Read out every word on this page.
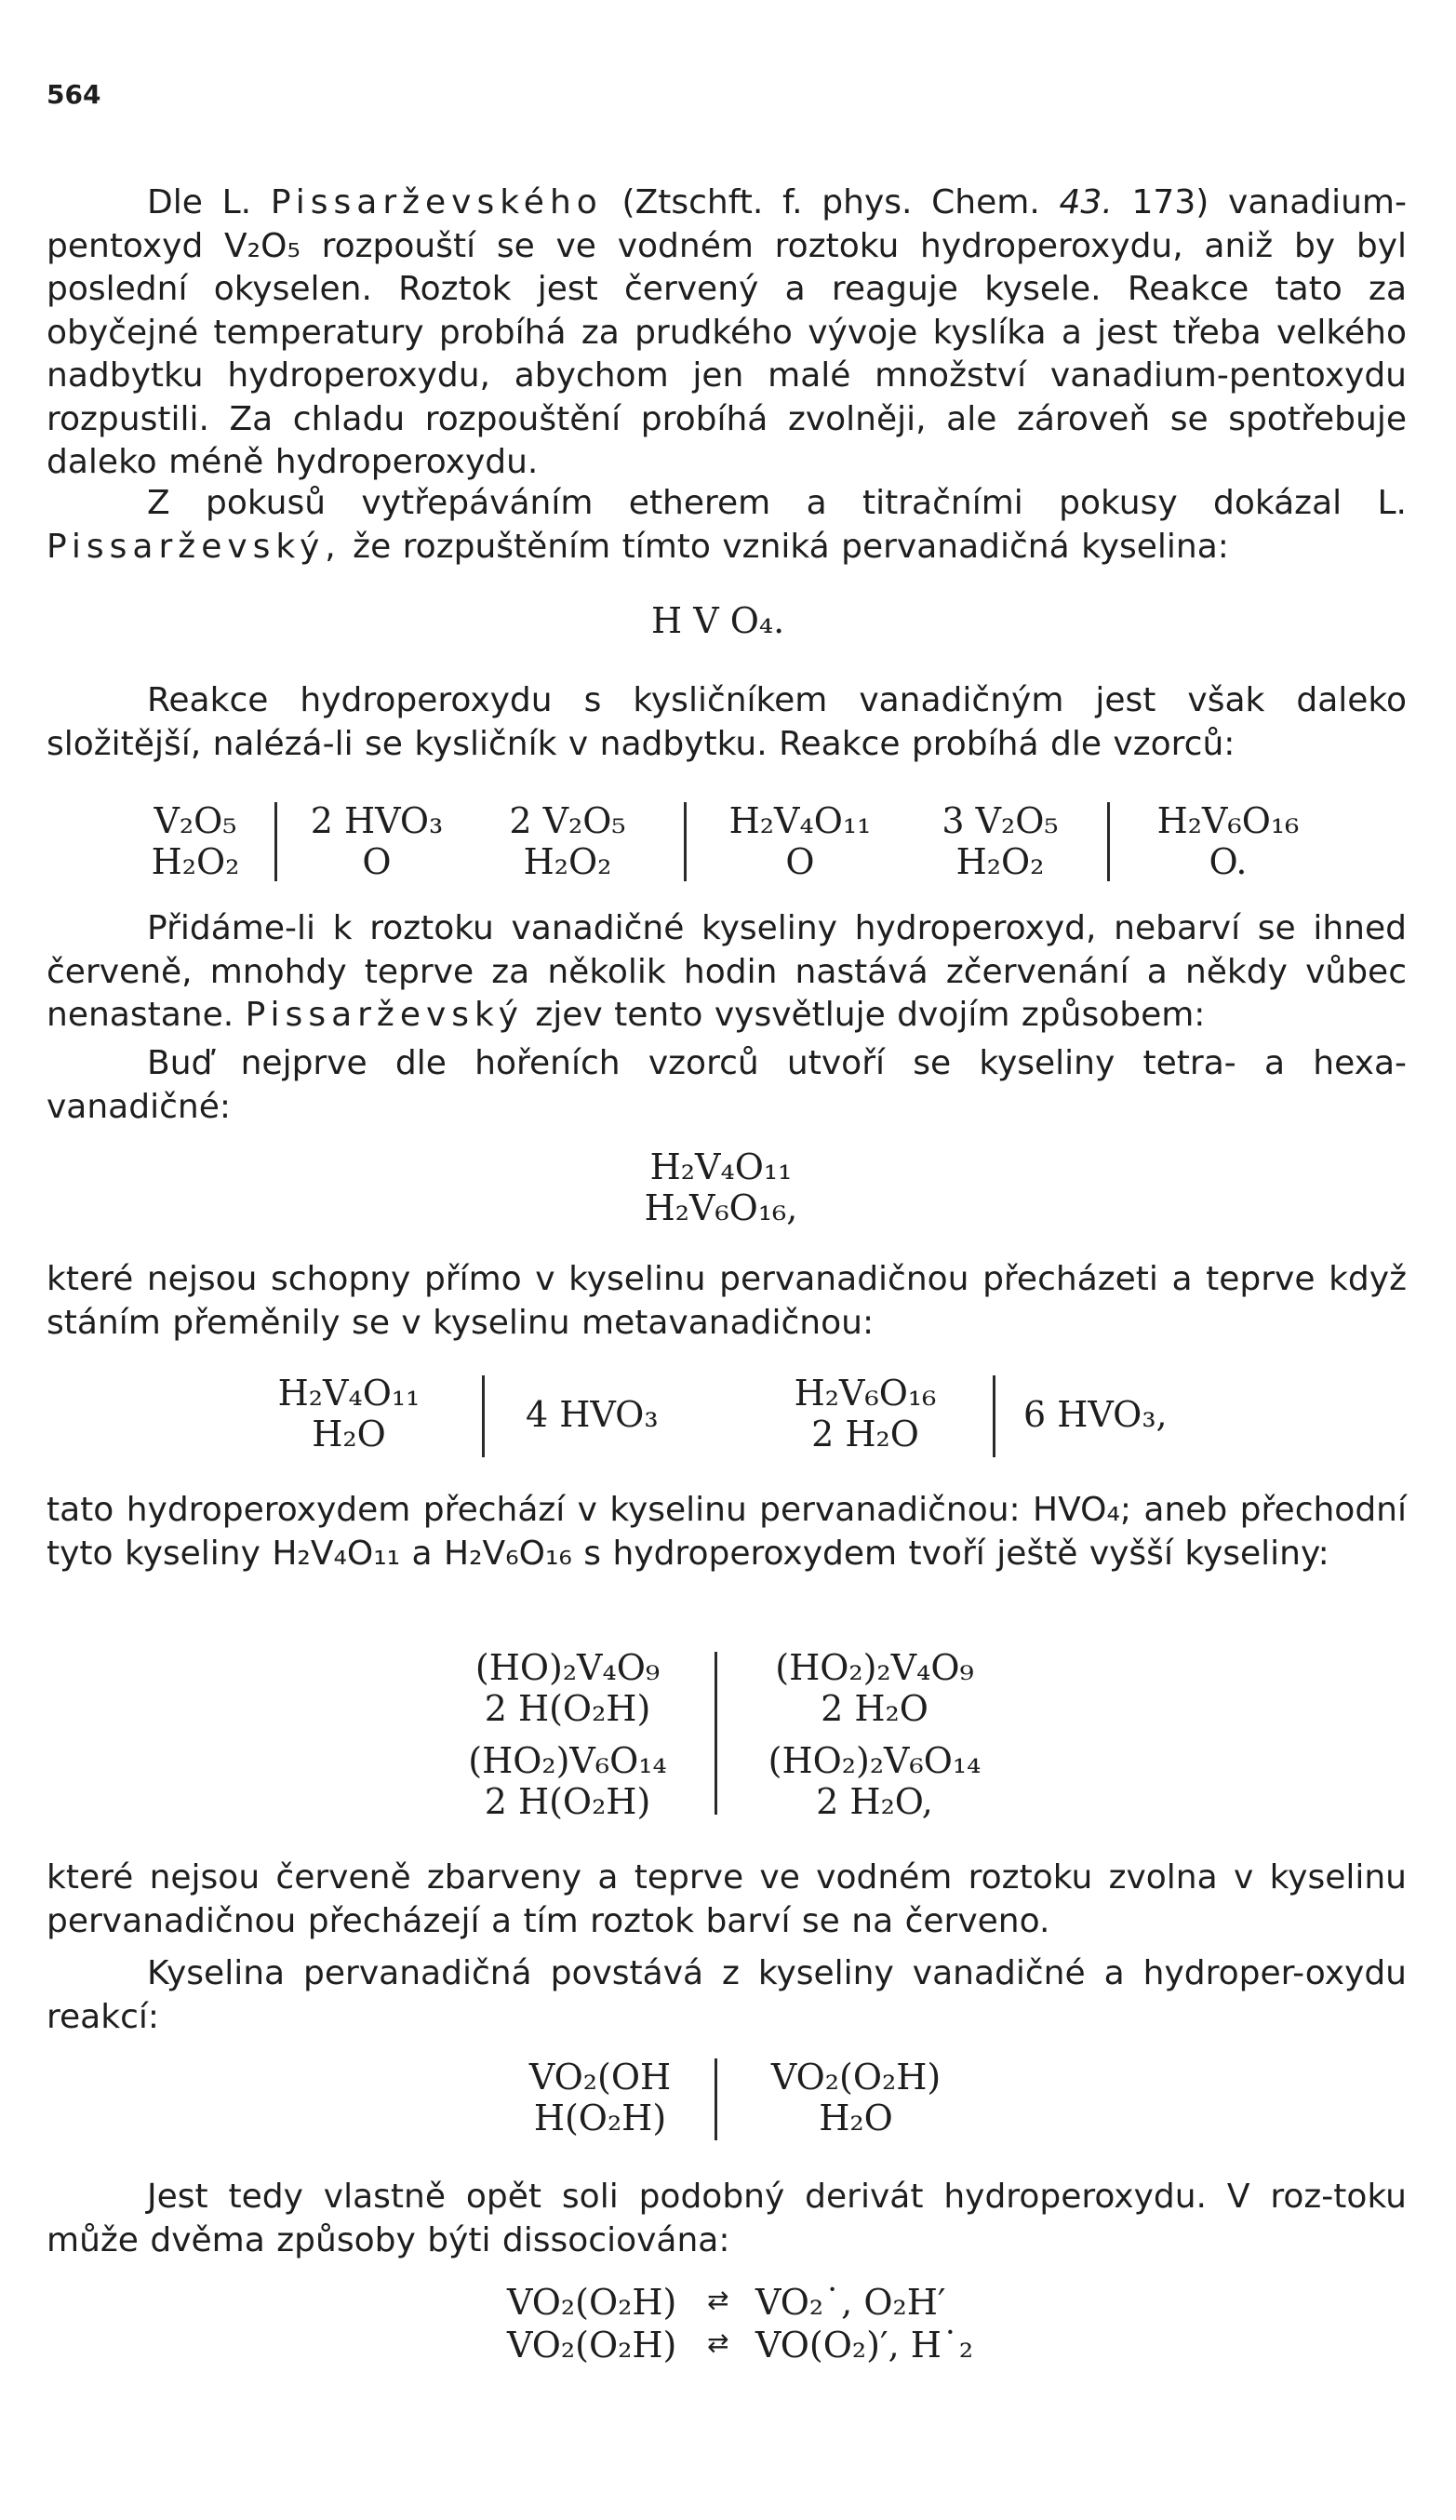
564
Dle L. Pissarževského (Ztschft. f. phys. Chem. 43. 173) vanadium- pentoxyd V₂O₅ rozpouští se ve vodném roztoku hydroperoxydu, aniž by byl poslední okyselen. Roztok jest červený a reaguje kysele. Reakce tato za obyčejné temperatury probíhá za prudkého vývoje kyslíka a jest třeba velkého nadbytku hydroperoxydu, abychom jen malé množství vanadium-pentoxydu rozpustili. Za chladu rozpouštění probíhá zvolněji, ale zároveň se spotřebuje daleko méně hydroperoxydu.
Z pokusů vytřepáváním etherem a titračními pokusy dokázal L. Pissarževský, že rozpuštěním tímto vzniká pervanadičná kyselina:
H V O₄.
Reakce hydroperoxydu s kysličníkem vanadičným jest však daleko složitější, nalézá-li se kysličník v nadbytku. Reakce probíhá dle vzorců:
V₂O₅
H₂O₂
2 HVO₃
O
2 V₂O₅
H₂O₂
H₂V₄O₁₁
O
3 V₂O₅
H₂O₂
H₂V₆O₁₆
O.
Přidáme-li k roztoku vanadičné kyseliny hydroperoxyd, nebarví se ihned červeně, mnohdy teprve za několik hodin nastává zčervenání a někdy vůbec nenastane. Pissarževský zjev tento vysvětluje dvojím způsobem:
Buď nejprve dle hořeních vzorců utvoří se kyseliny tetra- a hexa-vanadičné:
H₂V₄O₁₁
H₂V₆O₁₆,
které nejsou schopny přímo v kyselinu pervanadičnou přecházeti a teprve když stáním přeměnily se v kyselinu metavanadičnou:
H₂V₄O₁₁
H₂O	4 HVO₃
H₂V₆O₁₆
2 H₂O	6 HVO₃,
tato hydroperoxydem přechází v kyselinu pervanadičnou: HVO₄; aneb přechodní tyto kyseliny H₂V₄O₁₁ a H₂V₆O₁₆ s hydroperoxydem tvoří ještě vyšší kyseliny:
(HO)₂V₄O₉
2 H(O₂H)
(HO₂)V₆O₁₄
2 H(O₂H)
(HO₂)₂V₄O₉
2 H₂O
(HO₂)₂V₆O₁₄
2 H₂O,
které nejsou červeně zbarveny a teprve ve vodném roztoku zvolna v kyselinu pervanadičnou přecházejí a tím roztok barví se na červeno.
Kyselina pervanadičná povstává z kyseliny vanadičné a hydroper-oxydu reakcí:
VO₂(OH
H(O₂H)
VO₂(O₂H)
H₂O
Jest tedy vlastně opět soli podobný derivát hydroperoxydu. V roz-toku může dvěma způsoby býti dissociována:
VO₂(O₂H) ⇄ VO₂˙, O₂H′
VO₂(O₂H) ⇄ VO(O₂)′, H˙₂
